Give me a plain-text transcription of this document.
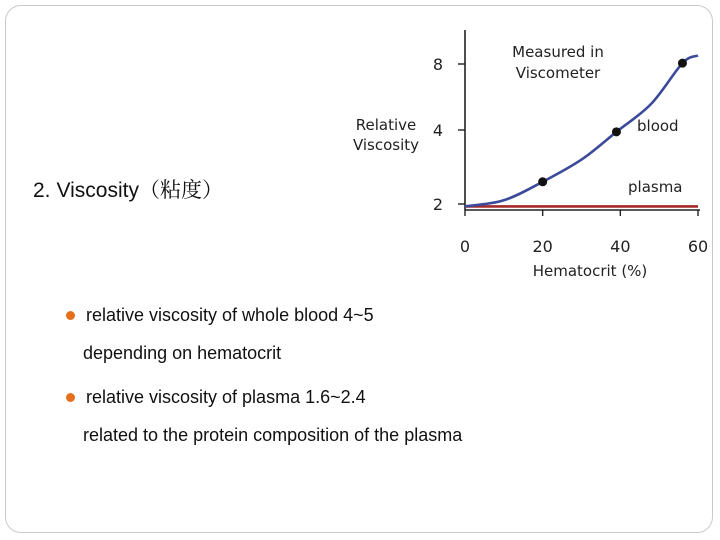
2. Viscosity（粘度）
2
4
8
0	20	40	60
Measured in
Viscometer
Relative
Viscosity
Hematocrit (%)
blood
plasma
relative viscosity of whole blood 4~5
depending on hematocrit
relative viscosity of plasma 1.6~2.4
related to the protein composition of the plasma
